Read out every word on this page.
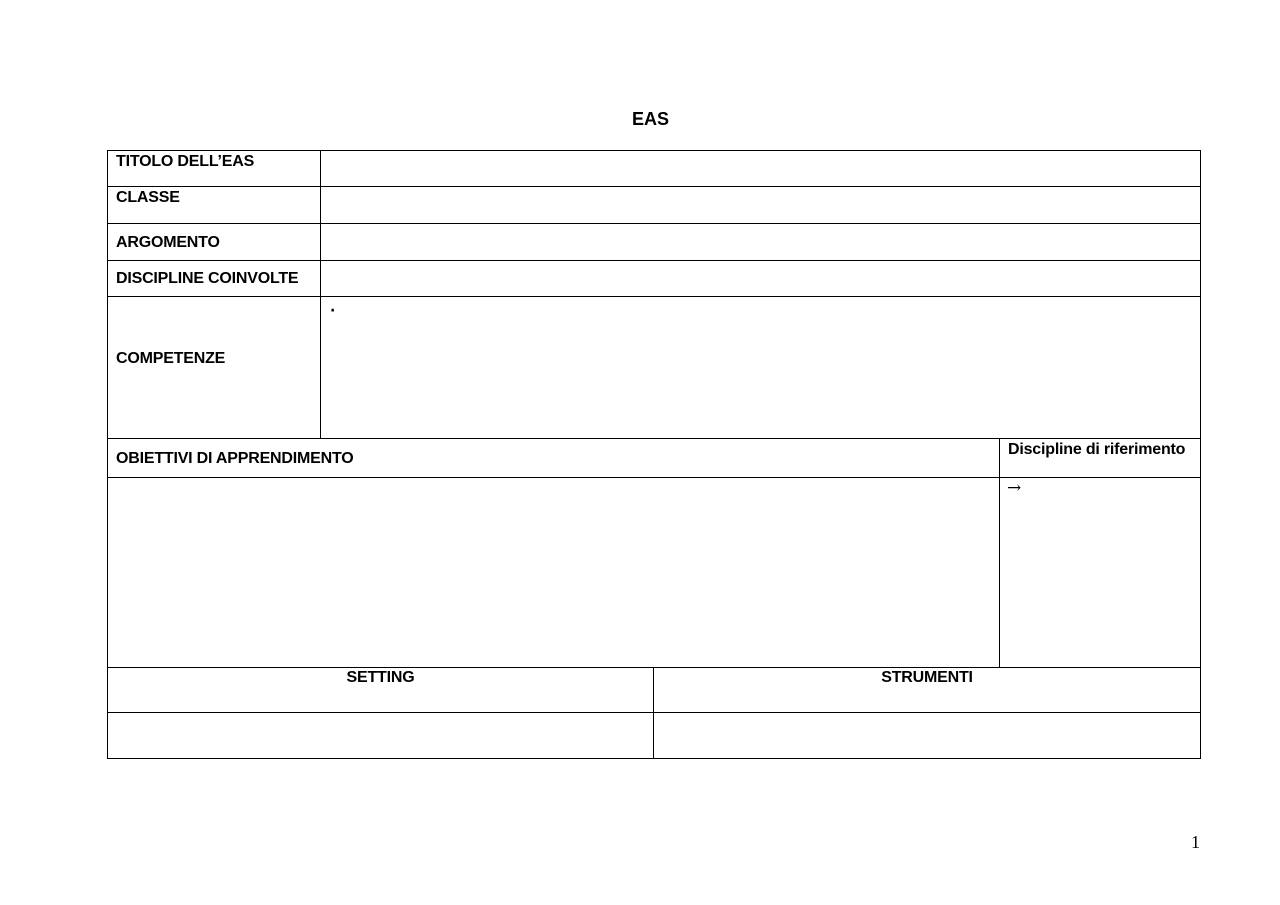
EAS
TITOLO DELL’EAS
CLASSE
ARGOMENTO
DISCIPLINE COINVOLTE
COMPETENZE
·
OBIETTIVI DI APPRENDIMENTO
Discipline di riferimento
→
SETTING	STRUMENTI
1
